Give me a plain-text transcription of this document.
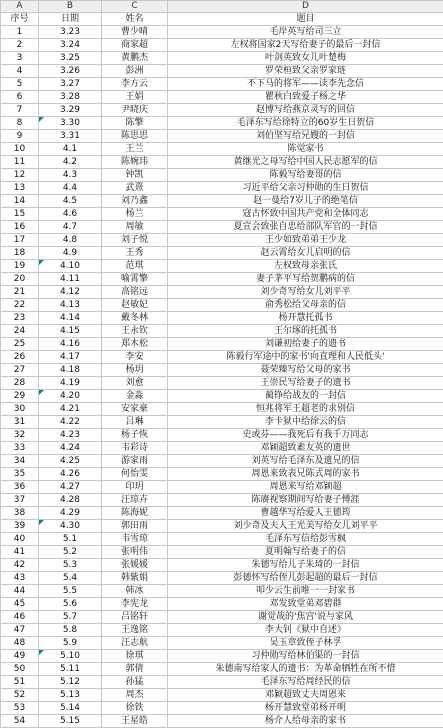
A	B	C	D
序号	日期	姓名	题目
1	3.23	曹少晴	毛岸英写给司三立
2	3.24	商家超	左权将国家2天写给妻子的最后一封信
3	3.25	黄鹏杰	叶剑英致女儿叶楚梅
4	3.26	彭洲	罗荣桓致父亲罗家琏
5	3.27	李方云	不下马的将军——读李先念信
6	3.28	王娟	瞿秋白致爱子杨之华
7	3.29	尹晓庆	赵博写给燕京灵写的回信
8	3.30	陈擎	毛泽东写给徐特立的60岁生日贺信
9	3.31	陈思思	刘伯坚写给兄嫂的一封信
10	4.1	王兰	陈觉家书
11	4.2	陈婉玮	黄继光之母写给中国人民志愿军的信
12	4.3	钟凯	陈毅写给妻哥的信
13	4.4	武熹	习近平给父亲习仲勋的生日贺信
14	4.5	刘乃鑫	赵一曼给7岁儿子的绝笔信
15	4.6	杨兰	寇古怀致中国共产党和全体同志
16	4.7	周敏	夏宣会致张自忠给部队军官的一封信
17	4.8	刘子悦	王少如致弟弟王少龙
18	4.9	王秀	赵云霄给女儿启明的信
19	4.10	范琪	左权致母亲张氏
20	4.11	喻霄擎	妻子茅平写给贺鹏病的信
21	4.12	高铭远	刘少奇写给女儿刘平平
22	4.13	赵敏妃	俞秀松给父母亲的信
23	4.14	戴冬林	杨开慧托孤书
24	4.15	王永钦	王尔琢的托孤书
25	4.16	郑木松	刘谦初给妻子的遗书
26	4.17	李安	陈毅行军途中的家书'向直理和人民低头'
27	4.18	杨玥	聂荣臻写给父母的家书
28	4.19	刘愈	王崇民写给妻子的遗书
29	4.20	金淼	蔺铮给战友的一封信
30	4.21	安家豪	恒兆将军王超老的求别信
31	4.22	吕琳	李卡狱中给徐云的信
32	4.23	杨子恢	史或芬——我死后有我千万同志
33	4.24	韦彩诗	邓颖超致素友英的遗世
34	4.25	游家雨	刘英写给毛泽东及遗兄的信
35	4.26	何怡雯	周恩来致表兄陈式周的家书
36	4.27	印玥	周恩来写给邓颖超
37	4.28	汪琼卉	陈赓视察期间写给妻子傅涯
38	4.29	陈海妮	曹越华写给爱人王德筠
39	4.30	郭田雨	刘少奇及夫人王光美写给女儿刘平平
40	5.1	韦雪琼	毛泽东写信给彭雪枫
41	5.2	张明伟	夏明翰写给妻子的信
42	5.3	张媛媛	朱德写给儿子朱琦的一封信
43	5.4	韩紫娟	彭德怀写给侄儿彭起超的最后一封信
44	5.5	韩冰	叩少云生前唯一一封家书
45	5.6	李宪龙	邓发致堂弟邓碧群
46	5.7	吕铭轩	谢觉哉的'焦宫'说与家风
47	5.8	王逸铭	李大钊《狱中自述》
48	5.9	汪志航	吴玉章致侄子林孚
49	5.10	徐琪	习仲勋写给林伯渠的一封信
50	5.11	郭倩	朱德南写给家人的遗书：为革命牺牲在所不惜
51	5.12	孙猛	毛泽东写给周经民的信
52	5.13	周杰	邓颖超致丈夫周恩来
53	5.14	徐铁	杨开慧致堂弟杨开明
54	5.15	王星皓	杨介人给母亲的家书
